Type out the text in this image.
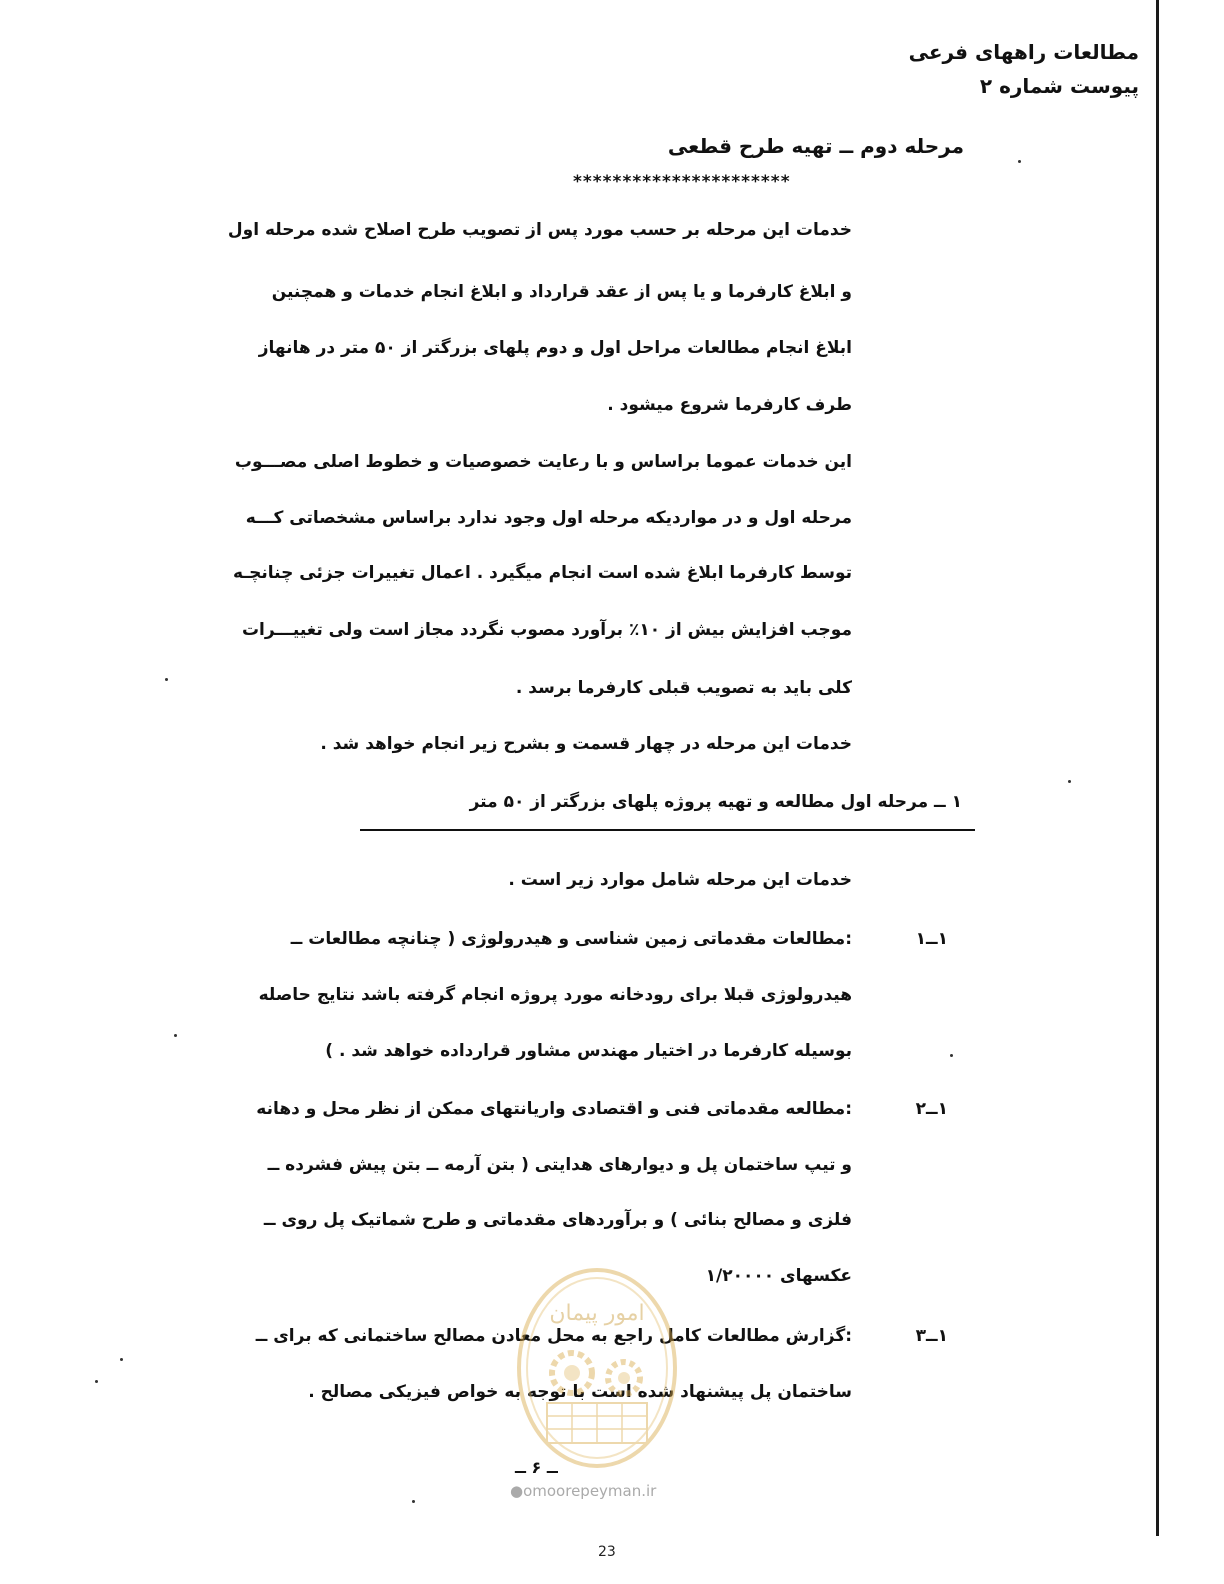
مطالعات راههای فرعی
پیوست شماره ۲
مرحله دوم ــ تهیه طرح قطعی
**********************
خدمات این مرحله بر حسب مورد پس از تصویب طرح اصلاح شده مرحله اول
و ابلاغ کارفرما و یا پس از عقد قرارداد و ابلاغ انجام خدمات و همچنین
ابلاغ انجام مطالعات مراحل اول و دوم پلهای بزرگتر از ۵۰ متر در هانهاز
طرف کارفرما شروع میشود .
این خدمات عموما براساس و با رعایت خصوصیات و خطوط اصلی مصـــوب
مرحله اول و در مواردیکه مرحله اول وجود ندارد براساس مشخصاتی کـــه
توسط کارفرما ابلاغ شده است انجام میگیرد . اعمال تغییرات جزئی چنانچـه
موجب افزایش بیش از ۱۰٪ برآورد مصوب نگردد مجاز است ولی تغییـــرات
کلی باید به تصویب قبلی کارفرما برسد .
خدمات این مرحله در چهار قسمت و بشرح زیر انجام خواهد شد .
۱ ــ مرحله اول مطالعه و تهیه پروژه پلهای بزرگتر از ۵۰ متر
خدمات این مرحله شامل موارد زیر است .
۱ــ۱
:مطالعات مقدماتی زمین شناسی و هیدرولوژی ( چنانچه مطالعات ــ
هیدرولوژی قبلا برای رودخانه مورد پروژه انجام گرفته باشد نتایج حاصله
بوسیله کارفرما در اختیار مهندس مشاور قرارداده خواهد شد . )
۱ــ۲
:مطالعه مقدماتی فنی و اقتصادی واریانتهای ممکن از نظر محل و دهانه
و تیپ ساختمان پل و دیوارهای هدایتی ( بتن آرمه ــ بتن پیش فشرده ــ
فلزی و مصالح بنائی ) و برآوردهای مقدماتی و طرح شماتیک پل روی ــ
عکسهای ۱/۲۰۰۰۰
۱ــ۳
:گزارش مطالعات کامل راجع به محل معادن مصالح ساختمانی که برای ــ
ساختمان پل پیشنهاد شده است با توجه به خواص فیزیکی مصالح .
امور پیمان
ــ ۶ ــ
●omoorepeyman.ir
23
